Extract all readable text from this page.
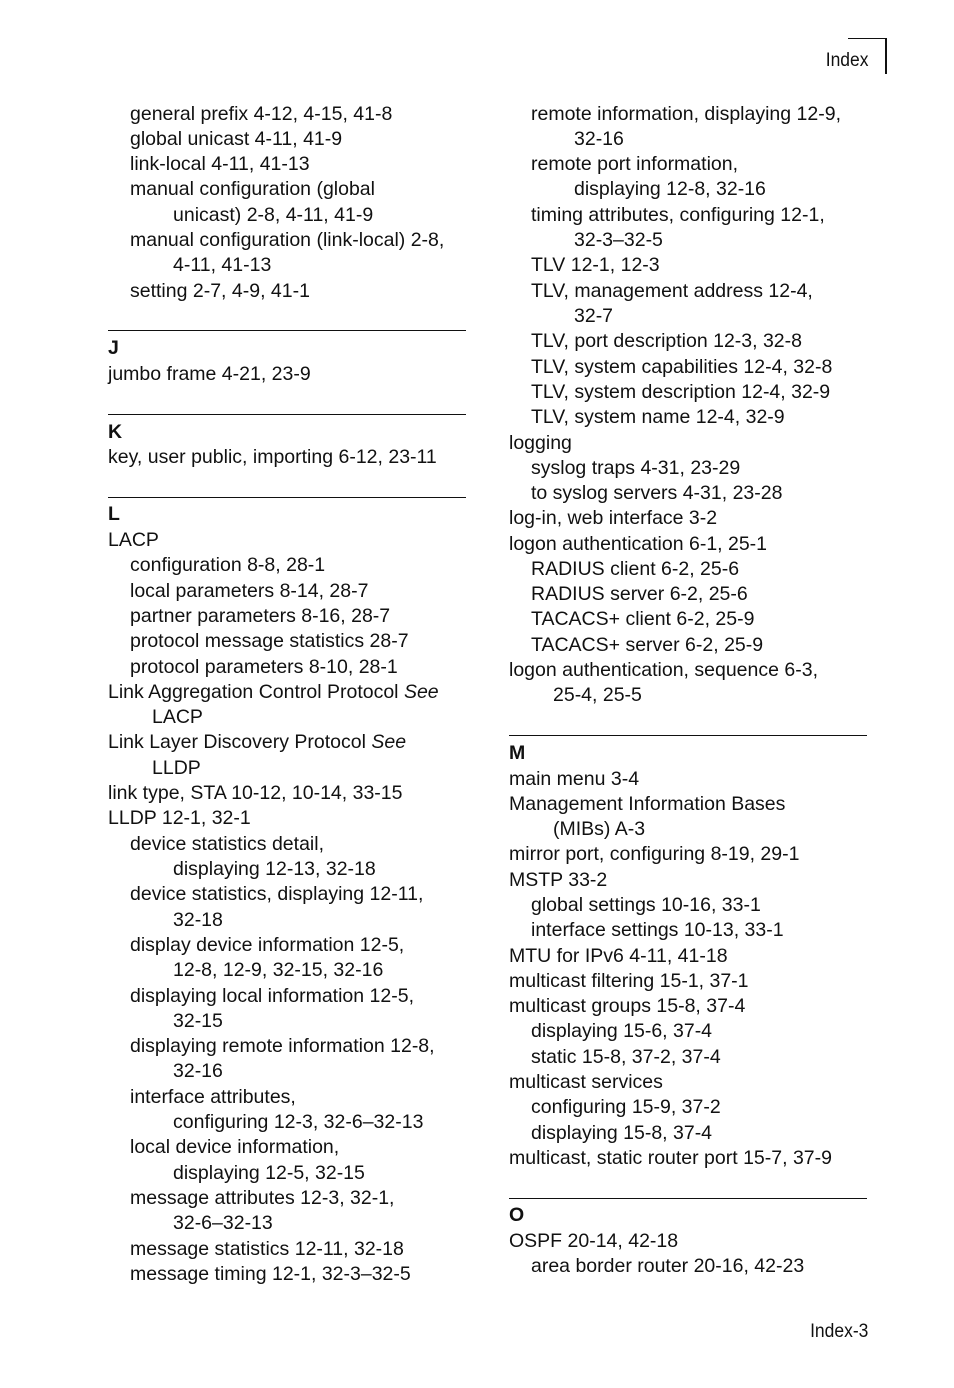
Index
general prefix 4-12, 4-15, 41-8
global unicast 4-11, 41-9
link-local 4-11, 41-13
manual configuration (global
unicast) 2-8, 4-11, 41-9
manual configuration (link-local) 2-8,
4-11, 41-13
setting 2-7, 4-9, 41-1
J
jumbo frame 4-21, 23-9
K
key, user public, importing 6-12, 23-11
L
LACP
configuration 8-8, 28-1
local parameters 8-14, 28-7
partner parameters 8-16, 28-7
protocol message statistics 28-7
protocol parameters 8-10, 28-1
Link Aggregation Control Protocol See
LACP
Link Layer Discovery Protocol See
LLDP
link type, STA 10-12, 10-14, 33-15
LLDP 12-1, 32-1
device statistics detail,
displaying 12-13, 32-18
device statistics, displaying 12-11,
32-18
display device information 12-5,
12-8, 12-9, 32-15, 32-16
displaying local information 12-5,
32-15
displaying remote information 12-8,
32-16
interface attributes,
configuring 12-3, 32-6–32-13
local device information,
displaying 12-5, 32-15
message attributes 12-3, 32-1,
32-6–32-13
message statistics 12-11, 32-18
message timing 12-1, 32-3–32-5
remote information, displaying 12-9,
32-16
remote port information,
displaying 12-8, 32-16
timing attributes, configuring 12-1,
32-3–32-5
TLV 12-1, 12-3
TLV, management address 12-4,
32-7
TLV, port description 12-3, 32-8
TLV, system capabilities 12-4, 32-8
TLV, system description 12-4, 32-9
TLV, system name 12-4, 32-9
logging
syslog traps 4-31, 23-29
to syslog servers 4-31, 23-28
log-in, web interface 3-2
logon authentication 6-1, 25-1
RADIUS client 6-2, 25-6
RADIUS server 6-2, 25-6
TACACS+ client 6-2, 25-9
TACACS+ server 6-2, 25-9
logon authentication, sequence 6-3,
25-4, 25-5
M
main menu 3-4
Management Information Bases
(MIBs) A-3
mirror port, configuring 8-19, 29-1
MSTP 33-2
global settings 10-16, 33-1
interface settings 10-13, 33-1
MTU for IPv6 4-11, 41-18
multicast filtering 15-1, 37-1
multicast groups 15-8, 37-4
displaying 15-6, 37-4
static 15-8, 37-2, 37-4
multicast services
configuring 15-9, 37-2
displaying 15-8, 37-4
multicast, static router port 15-7, 37-9
O
OSPF 20-14, 42-18
area border router 20-16, 42-23
Index-3
